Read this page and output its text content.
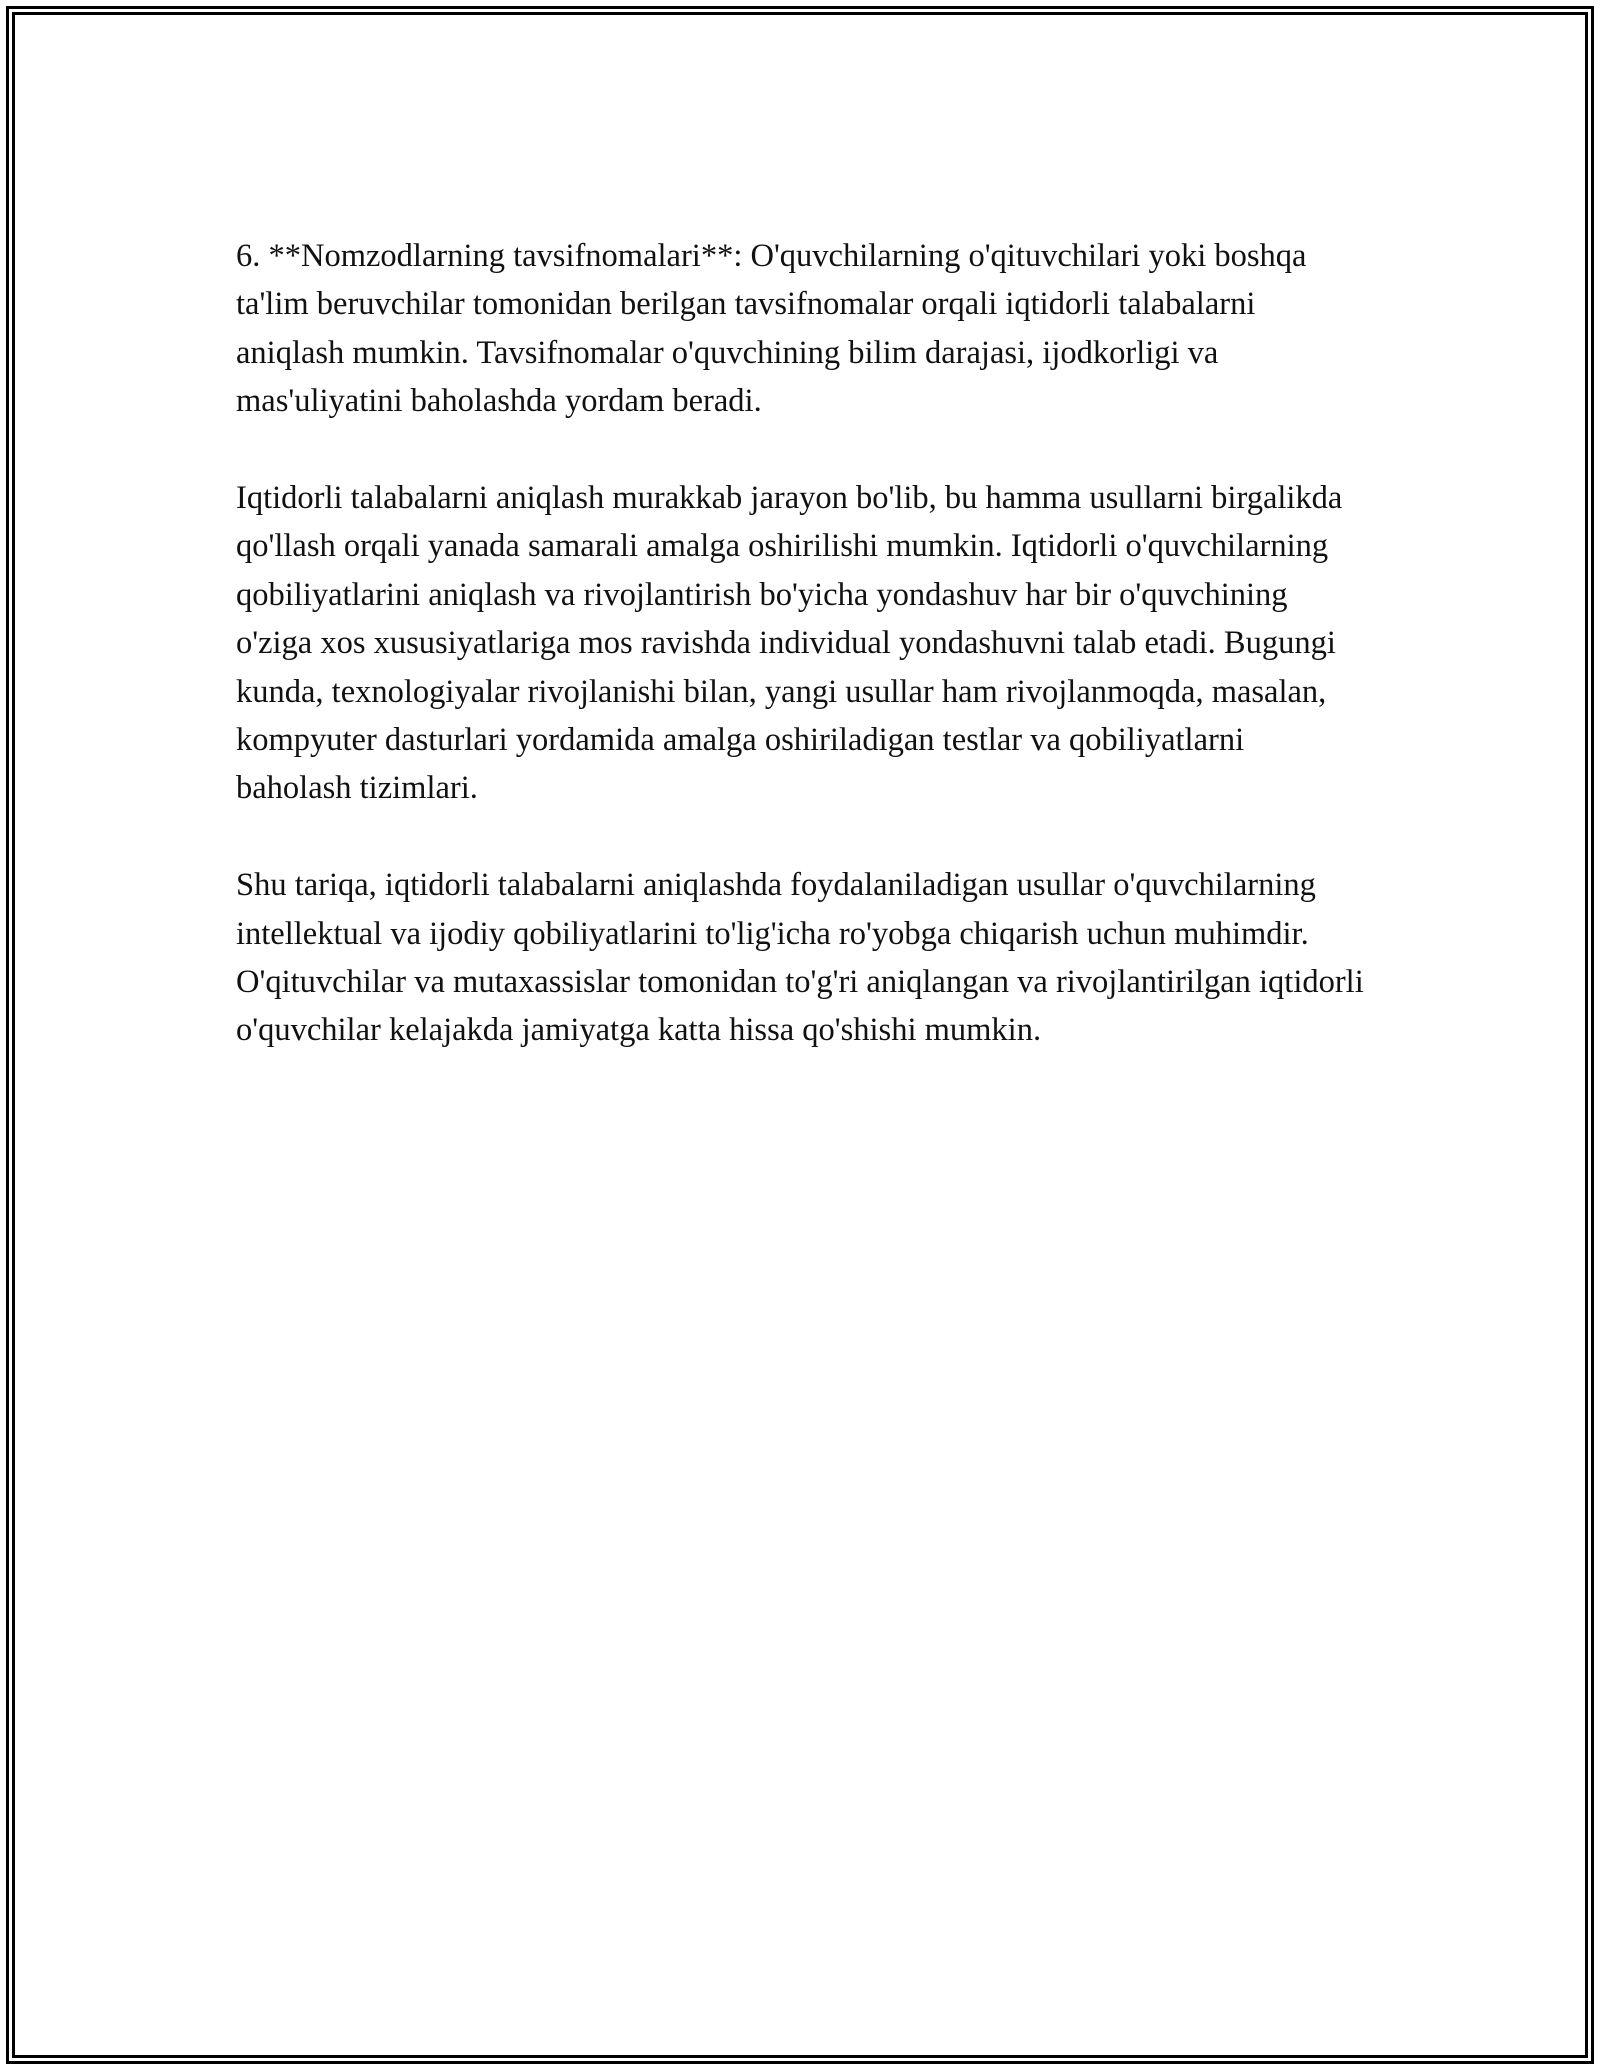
6. **Nomzodlarning tavsifnomalari**: O'quvchilarning o'qituvchilari yoki boshqa ta'lim beruvchilar tomonidan berilgan tavsifnomalar orqali iqtidorli talabalarni aniqlash mumkin. Tavsifnomalar o'quvchining bilim darajasi, ijodkorligi va mas'uliyatini baholashda yordam beradi.

Iqtidorli talabalarni aniqlash murakkab jarayon bo'lib, bu hamma usullarni birgalikda qo'llash orqali yanada samarali amalga oshirilishi mumkin. Iqtidorli o'quvchilarning qobiliyatlarini aniqlash va rivojlantirish bo'yicha yondashuv har bir o'quvchining o'ziga xos xususiyatlariga mos ravishda individual yondashuvni talab etadi. Bugungi kunda, texnologiyalar rivojlanishi bilan, yangi usullar ham rivojlanmoqda, masalan, kompyuter dasturlari yordamida amalga oshiriladigan testlar va qobiliyatlarni baholash tizimlari.

Shu tariqa, iqtidorli talabalarni aniqlashda foydalaniladigan usullar o'quvchilarning intellektual va ijodiy qobiliyatlarini to'lig'icha ro'yobga chiqarish uchun muhimdir. O'qituvchilar va mutaxassislar tomonidan to'g'ri aniqlangan va rivojlantirilgan iqtidorli o'quvchilar kelajakda jamiyatga katta hissa qo'shishi mumkin.
